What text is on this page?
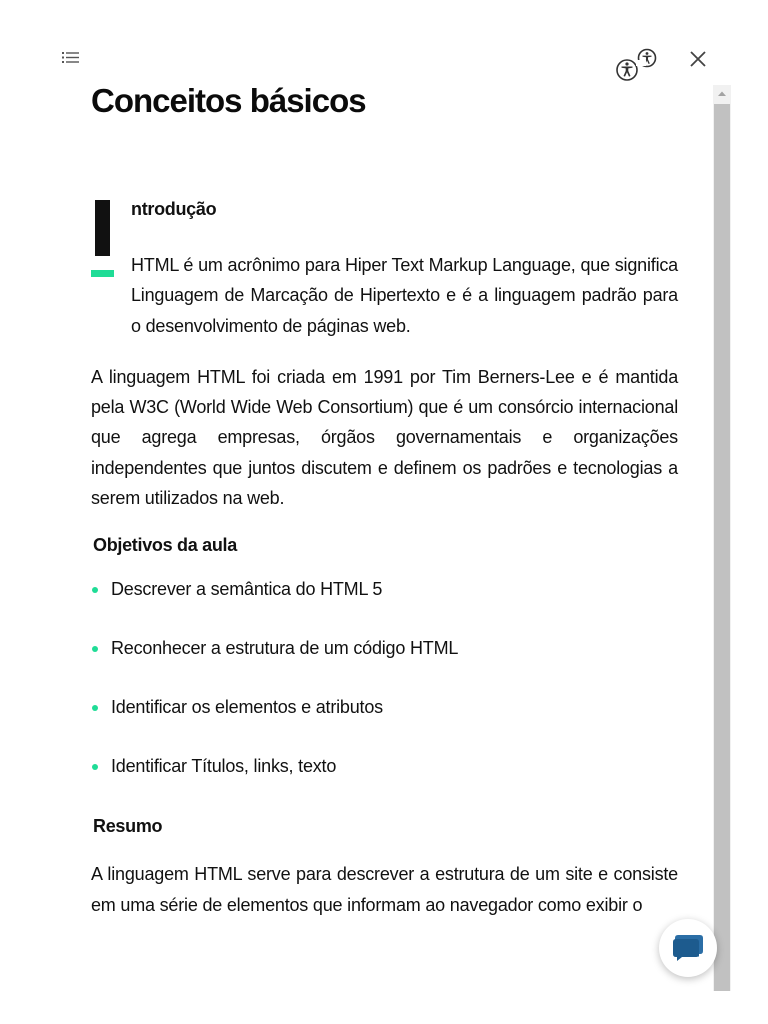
Conceitos básicos
ntrodução

HTML é um acrônimo para Hiper Text Markup Language, que significa Linguagem de Marcação de Hipertexto e é a linguagem padrão para o desenvolvimento de páginas web.

A linguagem HTML foi criada em 1991 por Tim Berners-Lee e é mantida pela W3C (World Wide Web Consortium) que é um consórcio internacional que agrega empresas, órgãos governamentais e organizações independentes que juntos discutem e definem os padrões e tecnologias a serem utilizados na web.

Objetivos da aula
Descrever a semântica do HTML 5
Reconhecer a estrutura de um código HTML
Identificar os elementos e atributos
Identificar Títulos, links, texto
Resumo

A linguagem HTML serve para descrever a estrutura de um site e consiste em uma série de elementos que informam ao navegador como exibir o
